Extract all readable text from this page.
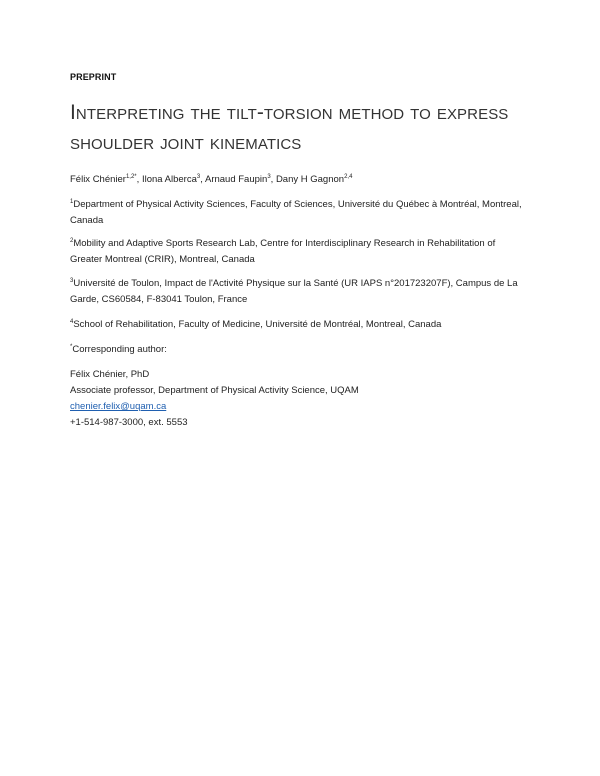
PREPRINT
Interpreting the tilt-torsion method to express shoulder joint kinematics
Félix Chénier$^{1,2*}$, Ilona Alberca$^3$, Arnaud Faupin$^3$, Dany H Gagnon$^{2,4}$
$^1$Department of Physical Activity Sciences, Faculty of Sciences, Université du Québec à Montréal, Montreal, Canada
$^2$Mobility and Adaptive Sports Research Lab, Centre for Interdisciplinary Research in Rehabilitation of Greater Montreal (CRIR), Montreal, Canada
$^3$Université de Toulon, Impact de l'Activité Physique sur la Santé (UR IAPS n°201723207F), Campus de La Garde, CS60584, F-83041 Toulon, France
$^4$School of Rehabilitation, Faculty of Medicine, Université de Montréal, Montreal, Canada
*Corresponding author:
Félix Chénier, PhD
Associate professor, Department of Physical Activity Science, UQAM
chenier.felix@uqam.ca
+1-514-987-3000, ext. 5553
